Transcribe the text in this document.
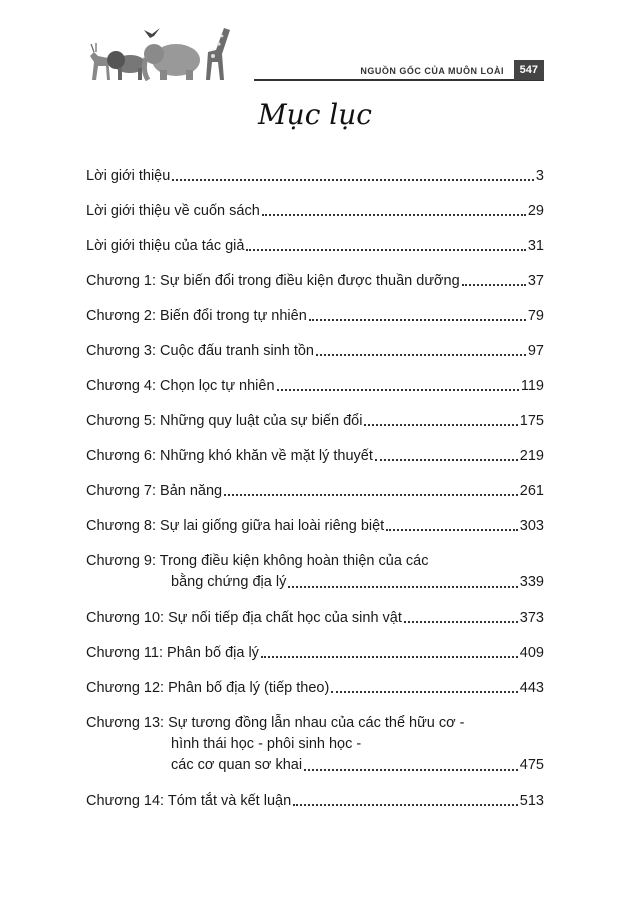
NGUỒN GỐC CỦA MUÔN LOÀI	547
Mục lục
Lời giới thiệu	3
Lời giới thiệu về cuốn sách	29
Lời giới thiệu của tác giả	31
Chương 1: Sự biến đổi trong điều kiện được thuần dưỡng	37
Chương 2: Biến đổi trong tự nhiên	79
Chương 3: Cuộc đấu tranh sinh tồn	97
Chương 4: Chọn lọc tự nhiên	119
Chương 5: Những quy luật của sự biến đổi	175
Chương 6: Những khó khăn về mặt lý thuyết	219
Chương 7: Bản năng	261
Chương 8: Sự lai giống giữa hai loài riêng biệt	303
Chương 9: Trong điều kiện không hoàn thiện của các
bằng chứng địa lý	339
Chương 10: Sự nối tiếp địa chất học của sinh vật	373
Chương 11: Phân bố địa lý	409
Chương 12: Phân bố địa lý (tiếp theo)	443
Chương 13: Sự tương đồng lẫn nhau của các thể hữu cơ -
hình thái học - phôi sinh học -
các cơ quan sơ khai	475
Chương 14: Tóm tắt và kết luận	513
